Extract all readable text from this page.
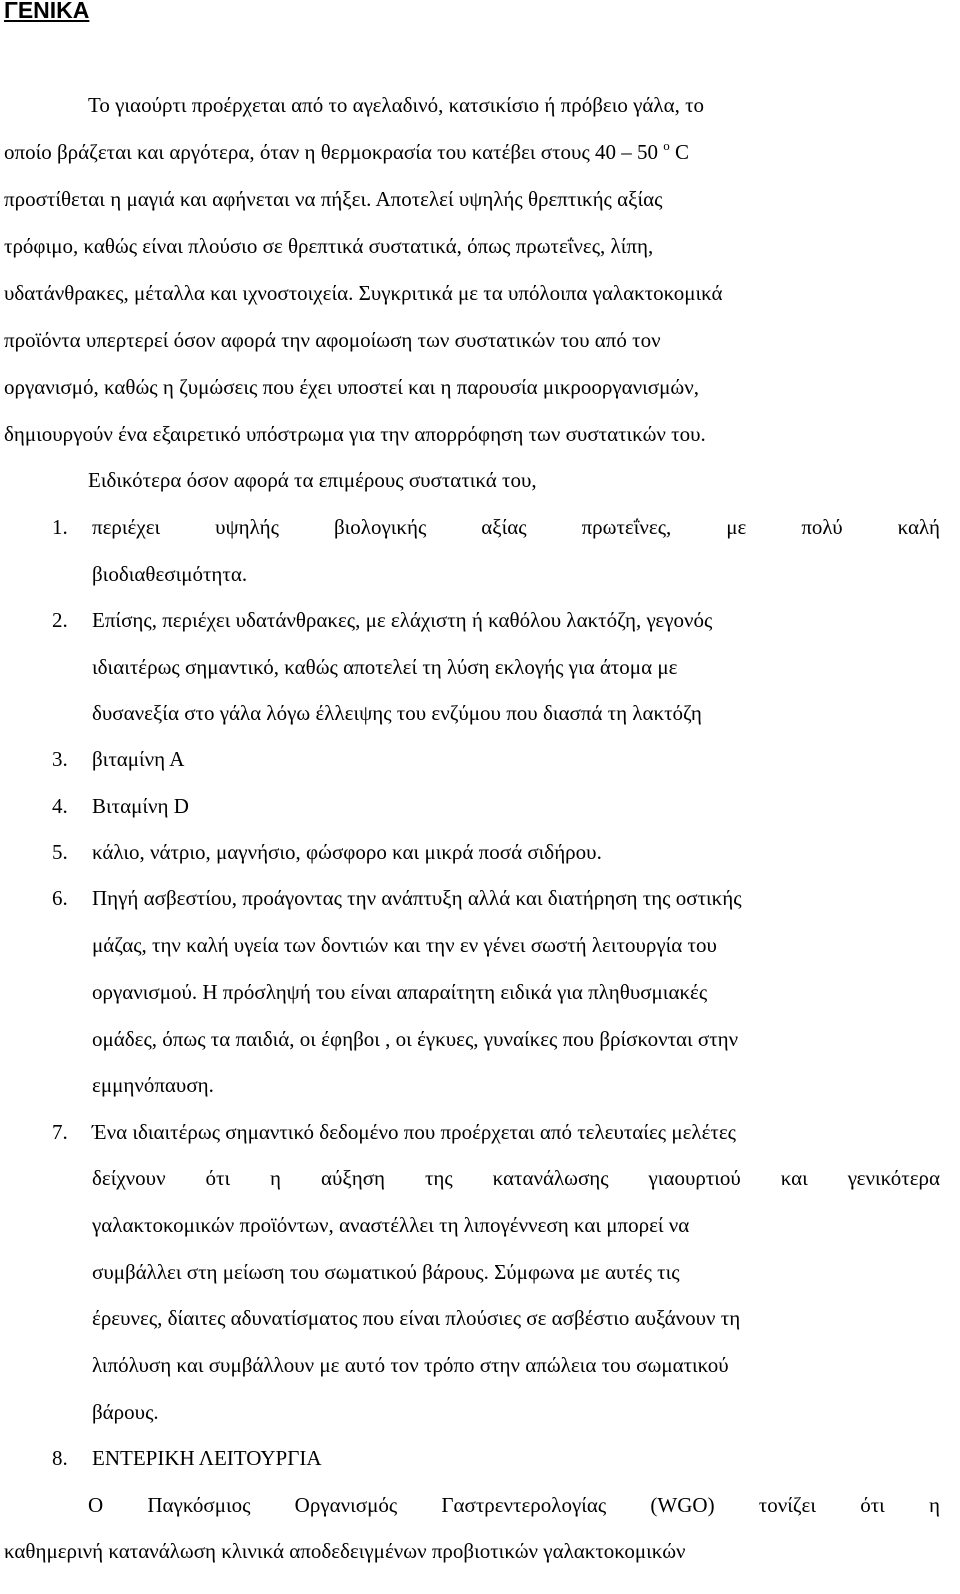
ΓΕΝΙΚΑ
Το γιαούρτι προέρχεται από το αγελαδινό, κατσικίσιο ή πρόβειο γάλα, το
οποίο βράζεται και αργότερα, όταν η θερμοκρασία του κατέβει στους 40 – 50 $^o$ C
προστίθεται η μαγιά και αφήνεται να πήξει. Αποτελεί υψηλής θρεπτικής αξίας
τρόφιμο, καθώς είναι πλούσιο σε θρεπτικά συστατικά, όπως πρωτεΐνες, λίπη,
υδατάνθρακες, μέταλλα και ιχνοστοιχεία. Συγκριτικά με τα υπόλοιπα γαλακτοκομικά
προϊόντα υπερτερεί όσον αφορά την αφομοίωση των συστατικών του από τον
οργανισμό, καθώς η ζυμώσεις που έχει υποστεί και η παρουσία μικροοργανισμών,
δημιουργούν ένα εξαιρετικό υπόστρωμα για την απορρόφηση των συστατικών του.
Ειδικότερα όσον αφορά τα επιμέρους συστατικά του,
1.	περιέχει υψηλής βιολογικής αξίας πρωτεΐνες, με πολύ καλή
βιοδιαθεσιμότητα.
2.	Επίσης, περιέχει υδατάνθρακες, με ελάχιστη ή καθόλου λακτόζη, γεγονός
ιδιαιτέρως σημαντικό, καθώς αποτελεί τη λύση εκλογής για άτομα με
δυσανεξία στο γάλα λόγω έλλειψης του ενζύμου που διασπά τη λακτόζη
3.	βιταμίνη Α
4.	Βιταμίνη D
5.	κάλιο, νάτριο, μαγνήσιο, φώσφορο και μικρά ποσά σιδήρου.
6.	Πηγή ασβεστίου, προάγοντας την ανάπτυξη αλλά και διατήρηση της οστικής
μάζας, την καλή υγεία των δοντιών και την εν γένει σωστή λειτουργία του
οργανισμού. Η πρόσληψή του είναι απαραίτητη ειδικά για πληθυσμιακές
ομάδες, όπως τα παιδιά, οι έφηβοι , οι έγκυες, γυναίκες που βρίσκονται στην
εμμηνόπαυση.
7.	Ένα ιδιαιτέρως σημαντικό δεδομένο που προέρχεται από τελευταίες μελέτες
δείχνουν ότι η αύξηση της κατανάλωσης γιαουρτιού και γενικότερα
γαλακτοκομικών προϊόντων, αναστέλλει τη λιπογέννεση και μπορεί να
συμβάλλει στη μείωση του σωματικού βάρους. Σύμφωνα με αυτές τις
έρευνες, δίαιτες αδυνατίσματος που είναι πλούσιες σε ασβέστιο αυξάνουν τη
λιπόλυση και συμβάλλουν με αυτό τον τρόπο στην απώλεια του σωματικού
βάρους.
8.	ΕΝΤΕΡΙΚΗ ΛΕΙΤΟΥΡΓΙΑ
Ο Παγκόσμιος Οργανισμός Γαστρεντερολογίας (WGO) τονίζει ότι η
καθημερινή κατανάλωση κλινικά αποδεδειγμένων προβιοτικών γαλακτοκομικών
